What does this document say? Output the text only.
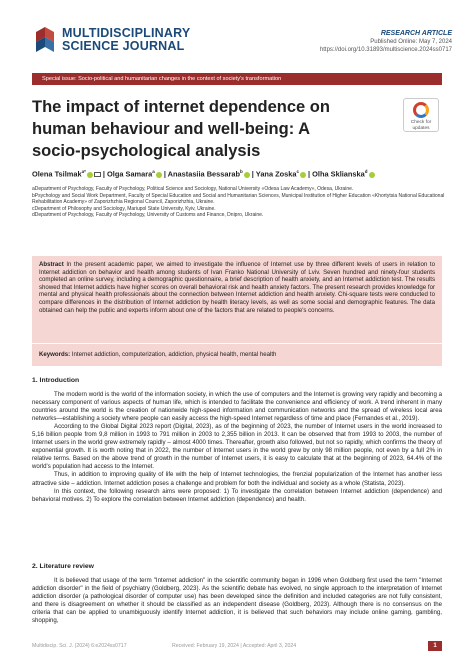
MULTIDISCIPLINARY
SCIENCE JOURNAL
RESEARCH ARTICLE
Published Online: May 7, 2024
https://doi.org/10.31893/multiscience.2024ss0717
Special issue: Socio-political and humanitarian changes in the context of society's transformation
The impact of internet dependence on human behaviour and well-being: A socio-psychological analysis
Check for
updates
Olena Tsilmak$^{a*}$ | Olga Samara$^a$ | Anastasiia Bessarab$^b$ | Yana Zoska$^c$ | Olha Sklianska$^d$
aDepartment of Psychology, Faculty of Psychology, Political Science and Sociology, National University «Odesa Law Academy», Odesa, Ukraine.
bPsychology and Social Work Department, Faculty of Special Education and Social and Humanitarian Sciences, Municipal Institution of Higher Education «Khortytsia National Educational Rehabilitation Academy» of Zaporizhzhia Regional Council, Zaporizhzhia, Ukraine.
cDepartment of Philosophy and Sociology, Mariupol State University, Kyiv, Ukraine.
dDepartment of Psychology, Faculty of Psychology, University of Customs and Finance, Dnipro, Ukraine.
Abstract In the present academic paper, we aimed to investigate the influence of Internet use by three different levels of users in relation to Internet addiction on behavior and health among students of Ivan Franko National University of Lviv. Seven hundred and ninety-four students completed an online survey, including a demographic questionnaire, a brief description of health anxiety, and an Internet addiction test. The results showed that Internet addicts have higher scores on overall behavioral risk and health anxiety factors. The present research provides knowledge for mental and physical health professionals about the connection between Internet addiction and health anxiety. Chi-square tests were conducted to compare differences in the distribution of Internet addiction by health literacy levels, as well as some social and demographic features. The data obtained can help the public and experts inform about one of the factors that are related to people's concerns.
Keywords: Internet addiction, computerization, addiction, physical health, mental health
1. Introduction

The modern world is the world of the information society, in which the use of computers and the Internet is growing very rapidly and becoming a necessary component of various aspects of human life, which is intended to facilitate the convenience and efficiency of work. A trend inherent in many countries around the world is the creation of nationwide high-speed information and communication networks and the spread of wireless local area networks—establishing a society where people can easily access the high-speed Internet regardless of time and place (Fernandes et al., 2019).

According to the Global Digital 2023 report (Digital, 2023), as of the beginning of 2023, the number of Internet users in the world increased to 5,16 billion people from 9,8 million in 1993 to 791 million in 2003 to 2,355 billion in 2013. It can be observed that from 1993 to 2003, the number of Internet users in the world grew extremely rapidly – almost 4000 times. Thereafter, growth also followed, but not so rapidly, which confirms the theory of exponential growth. It is worth noting that in 2022, the number of Internet users in the world grew by only 98 million people, not even by a full 2% in relative terms. Based on the above trend of growth in the number of Internet users, it is easy to calculate that at the beginning of 2023, 64.4% of the world's population had access to the Internet.

Thus, in addition to improving quality of life with the help of Internet technologies, the frenzial popularization of the Internet has another less attractive side – addiction. Internet addiction poses a challenge and problem for both the individual and society as a whole (Statista, 2023).

In this context, the following research aims were proposed: 1) To investigate the correlation between Internet addiction (dependence) and behavioral motives. 2) To explore the correlation between Internet addiction (dependence) and health.

2. Literature review

It is believed that usage of the term "Internet addiction" in the scientific community began in 1996 when Goldberg first used the term "Internet addiction disorder" in the field of psychiatry (Goldberg, 2023). As the scientific debate has evolved, no single approach to the interpretation of Internet addiction disorder (a pathological disorder of computer use) has been developed since the definition and included categories are not fully consistent, and there is disagreement on whether it should be classified as an independent disease (Goldberg, 2023). Although there is no consensus on the criteria that can be applied to unambiguously identify Internet addiction, it is believed that such behaviors may include online gaming, gambling, shopping,

Multidiscip. Sci. J. (2024) 6:e2024ss0717	Received: February 19, 2024 | Accepted: April 3, 2024	1
